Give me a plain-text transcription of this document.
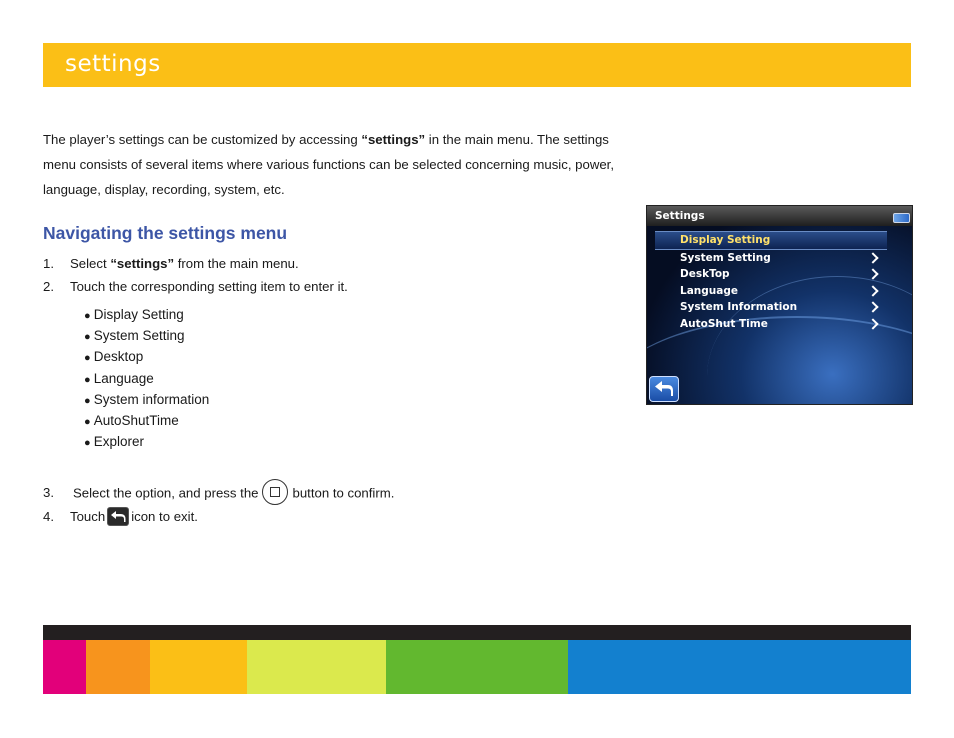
settings
The player’s settings can be customized by accessing “settings” in the main menu. The settings
menu consists of several items where various functions can be selected concerning music, power,
language, display, recording, system, etc.
Navigating the settings menu
1. Select “settings” from the main menu.
2. Touch the corresponding setting item to enter it.
● Display Setting
● System Setting
● Desktop
● Language
● System information
● AutoShutTime
● Explorer
3. Select the option, and press the	button to confirm.
4. Touch icon to exit.
Settings
Display Setting
System Setting
DeskTop
Language
System Information
AutoShut Time
